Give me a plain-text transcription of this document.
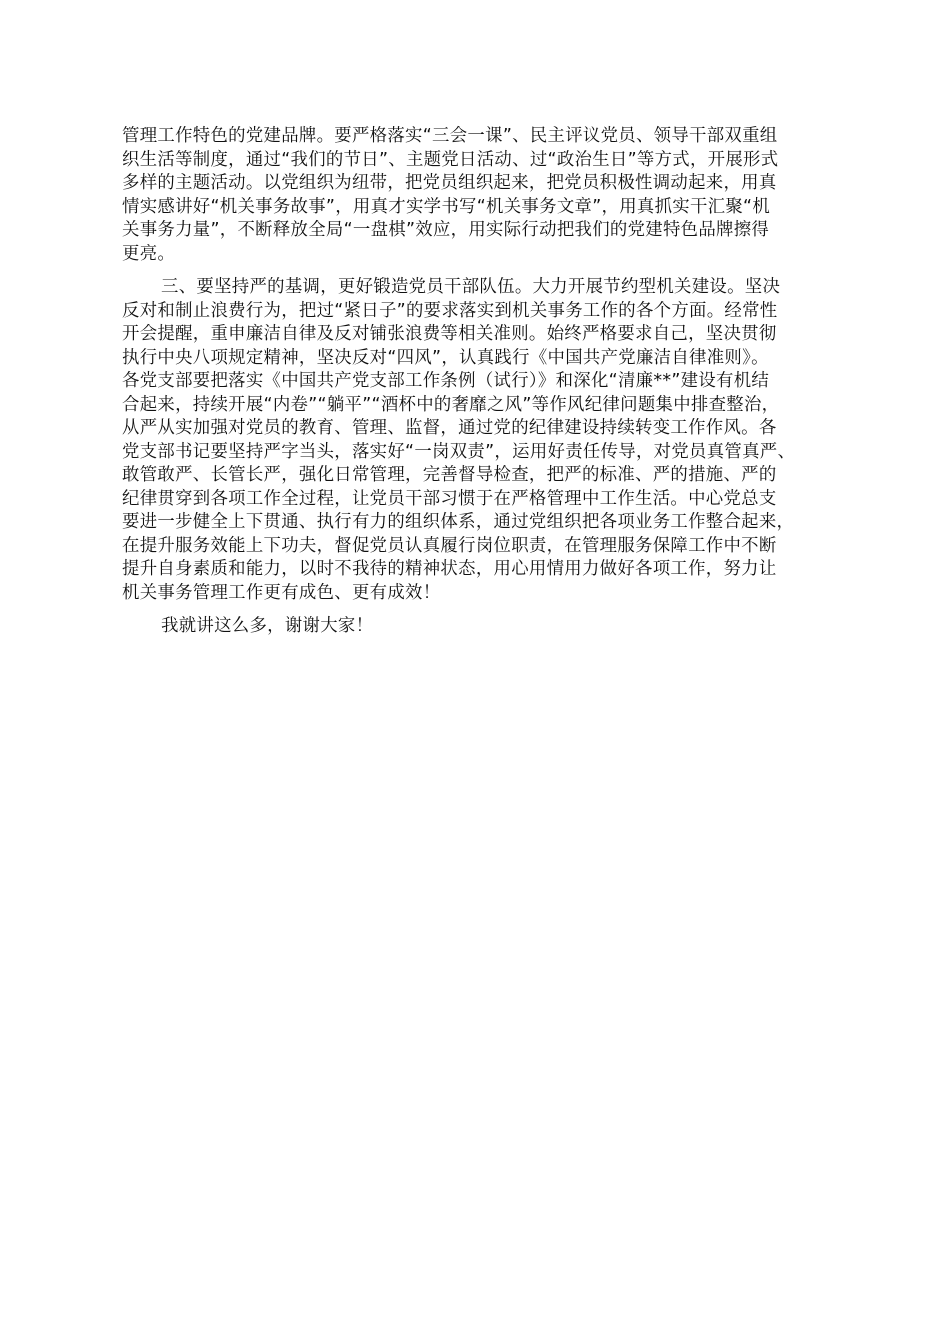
管理工作特色的党建品牌。要严格落实“三会一课”、民主评议党员、领导干部双重组
织生活等制度，通过“我们的节日”、主题党日活动、过“政治生日”等方式，开展形式
多样的主题活动。以党组织为纽带，把党员组织起来，把党员积极性调动起来，用真
情实感讲好“机关事务故事”，用真才实学书写“机关事务文章”，用真抓实干汇聚“机
关事务力量”，不断释放全局“一盘棋”效应，用实际行动把我们的党建特色品牌擦得
更亮。
三、要坚持严的基调，更好锻造党员干部队伍。大力开展节约型机关建设。坚决
反对和制止浪费行为，把过“紧日子”的要求落实到机关事务工作的各个方面。经常性
开会提醒，重申廉洁自律及反对铺张浪费等相关准则。始终严格要求自己，坚决贯彻
执行中央八项规定精神，坚决反对“四风”，认真践行《中国共产党廉洁自律准则》。
各党支部要把落实《中国共产党支部工作条例（试行）》和深化“清廉**”建设有机结
合起来，持续开展“内卷”“躺平”“酒杯中的奢靡之风”等作风纪律问题集中排查整治，
从严从实加强对党员的教育、管理、监督，通过党的纪律建设持续转变工作作风。各
党支部书记要坚持严字当头，落实好“一岗双责”，运用好责任传导，对党员真管真严、
敢管敢严、长管长严，强化日常管理，完善督导检查，把严的标准、严的措施、严的
纪律贯穿到各项工作全过程，让党员干部习惯于在严格管理中工作生活。中心党总支
要进一步健全上下贯通、执行有力的组织体系，通过党组织把各项业务工作整合起来，
在提升服务效能上下功夫，督促党员认真履行岗位职责，在管理服务保障工作中不断
提升自身素质和能力，以时不我待的精神状态，用心用情用力做好各项工作，努力让
机关事务管理工作更有成色、更有成效！
我就讲这么多，谢谢大家！
